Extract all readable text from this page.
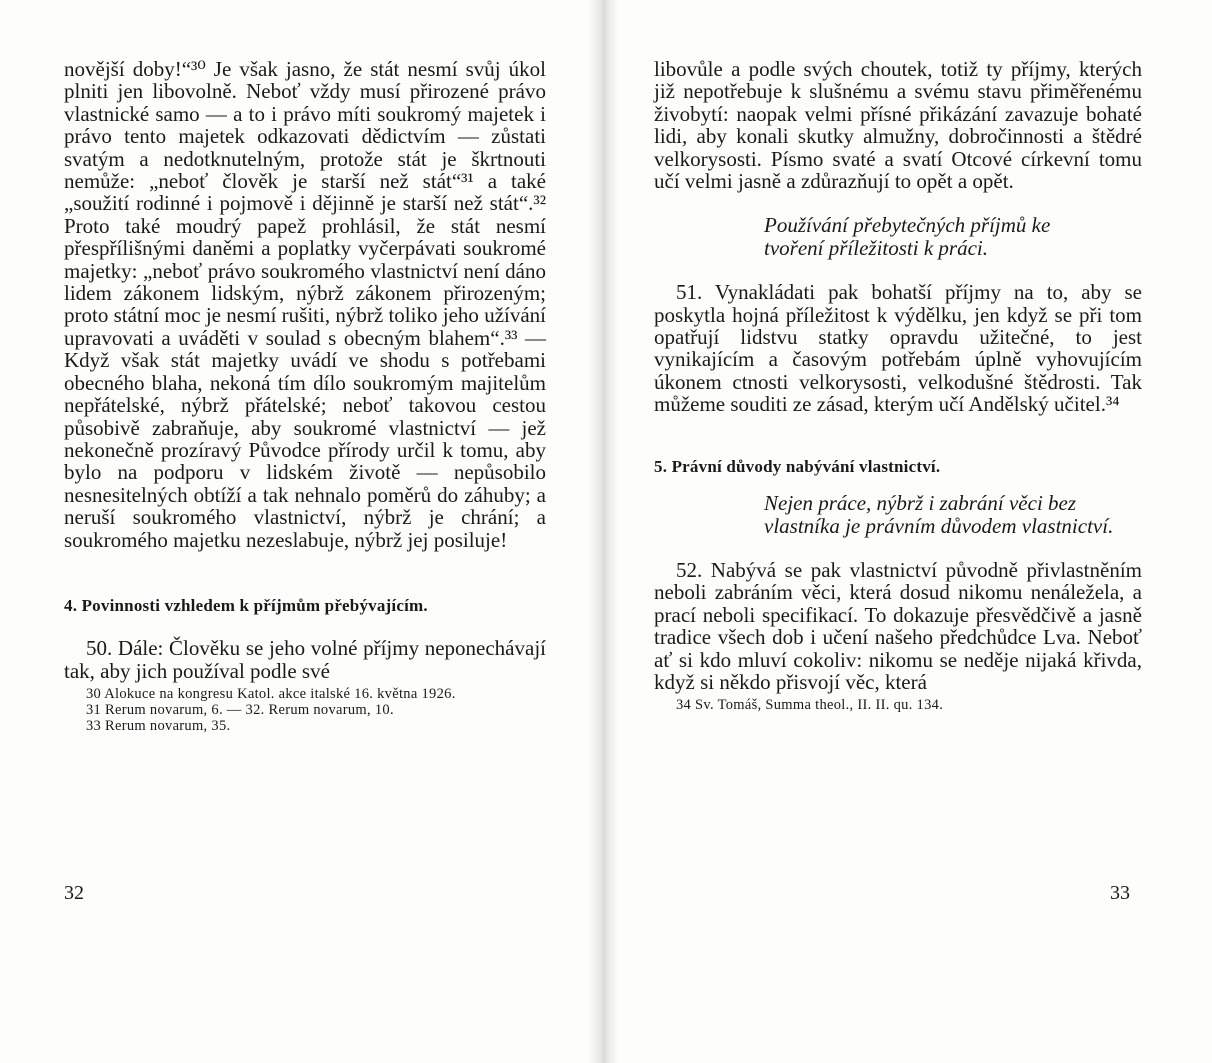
novější doby!“³⁰ Je však jasno, že stát nesmí svůj úkol plniti jen libovolně. Neboť vždy musí přirozené právo vlastnické samo — a to i právo míti soukromý majetek i právo tento majetek odkazovati dědictvím — zůstati svatým a nedotknutelným, protože stát je škrtnouti nemůže: „neboť člověk je starší než stát“³¹ a také „soužití rodinné i pojmově i dějinně je starší než stát“.³² Proto také moudrý papež prohlásil, že stát nesmí přespřílišnými daněmi a poplatky vyčerpávati soukromé majetky: „neboť právo soukromého vlastnictví není dáno lidem zákonem lidským, nýbrž zákonem přirozeným; proto státní moc je nesmí rušiti, nýbrž toliko jeho užívání upravovati a uváděti v soulad s obecným blahem“.³³ — Když však stát majetky uvádí ve shodu s potřebami obecného blaha, nekoná tím dílo soukromým majitelům nepřátelské, nýbrž přátelské; neboť takovou cestou působivě zabraňuje, aby soukromé vlastnictví — jež nekonečně prozíravý Původce přírody určil k tomu, aby bylo na podporu v lidském životě — nepůsobilo nesnesitelných obtíží a tak nehnalo poměrů do záhuby; a neruší soukromého vlastnictví, nýbrž je chrání; a soukromého majetku nezeslabuje, nýbrž jej posiluje!

4. Povinnosti vzhledem k příjmům přebývajícím.

50. Dále: Člověku se jeho volné příjmy neponechávají tak, aby jich používal podle své

30 Alokuce na kongresu Katol. akce italské 16. května 1926.

31 Rerum novarum, 6. — 32. Rerum novarum, 10.

33 Rerum novarum, 35.

32

libovůle a podle svých choutek, totiž ty příjmy, kterých již nepotřebuje k slušnému a svému stavu přiměřenému živobytí: naopak velmi přísné přikázání zavazuje bohaté lidi, aby konali skutky almužny, dobročinnosti a štědré velkorysosti. Písmo svaté a svatí Otcové církevní tomu učí velmi jasně a zdůrazňují to opět a opět.

Používání přebytečných příjmů ke tvoření příležitosti k práci.

51. Vynakládati pak bohatší příjmy na to, aby se poskytla hojná příležitost k výdělku, jen když se při tom opatřují lidstvu statky opravdu užitečné, to jest vynikajícím a časovým potřebám úplně vyhovujícím úkonem ctnosti velkorysosti, velkodušné štědrosti. Tak můžeme souditi ze zásad, kterým učí Andělský učitel.³⁴

5. Právní důvody nabývání vlastnictví.

Nejen práce, nýbrž i zabrání věci bez vlastníka je právním důvodem vlastnictví.

52. Nabývá se pak vlastnictví původně přivlastněním neboli zabráním věci, která dosud nikomu nenáležela, a prací neboli specifikací. To dokazuje přesvědčivě a jasně tradice všech dob i učení našeho předchůdce Lva. Neboť ať si kdo mluví cokoliv: nikomu se neděje nijaká křivda, když si někdo přisvojí věc, která

34 Sv. Tomáš, Summa theol., II. II. qu. 134.

33
